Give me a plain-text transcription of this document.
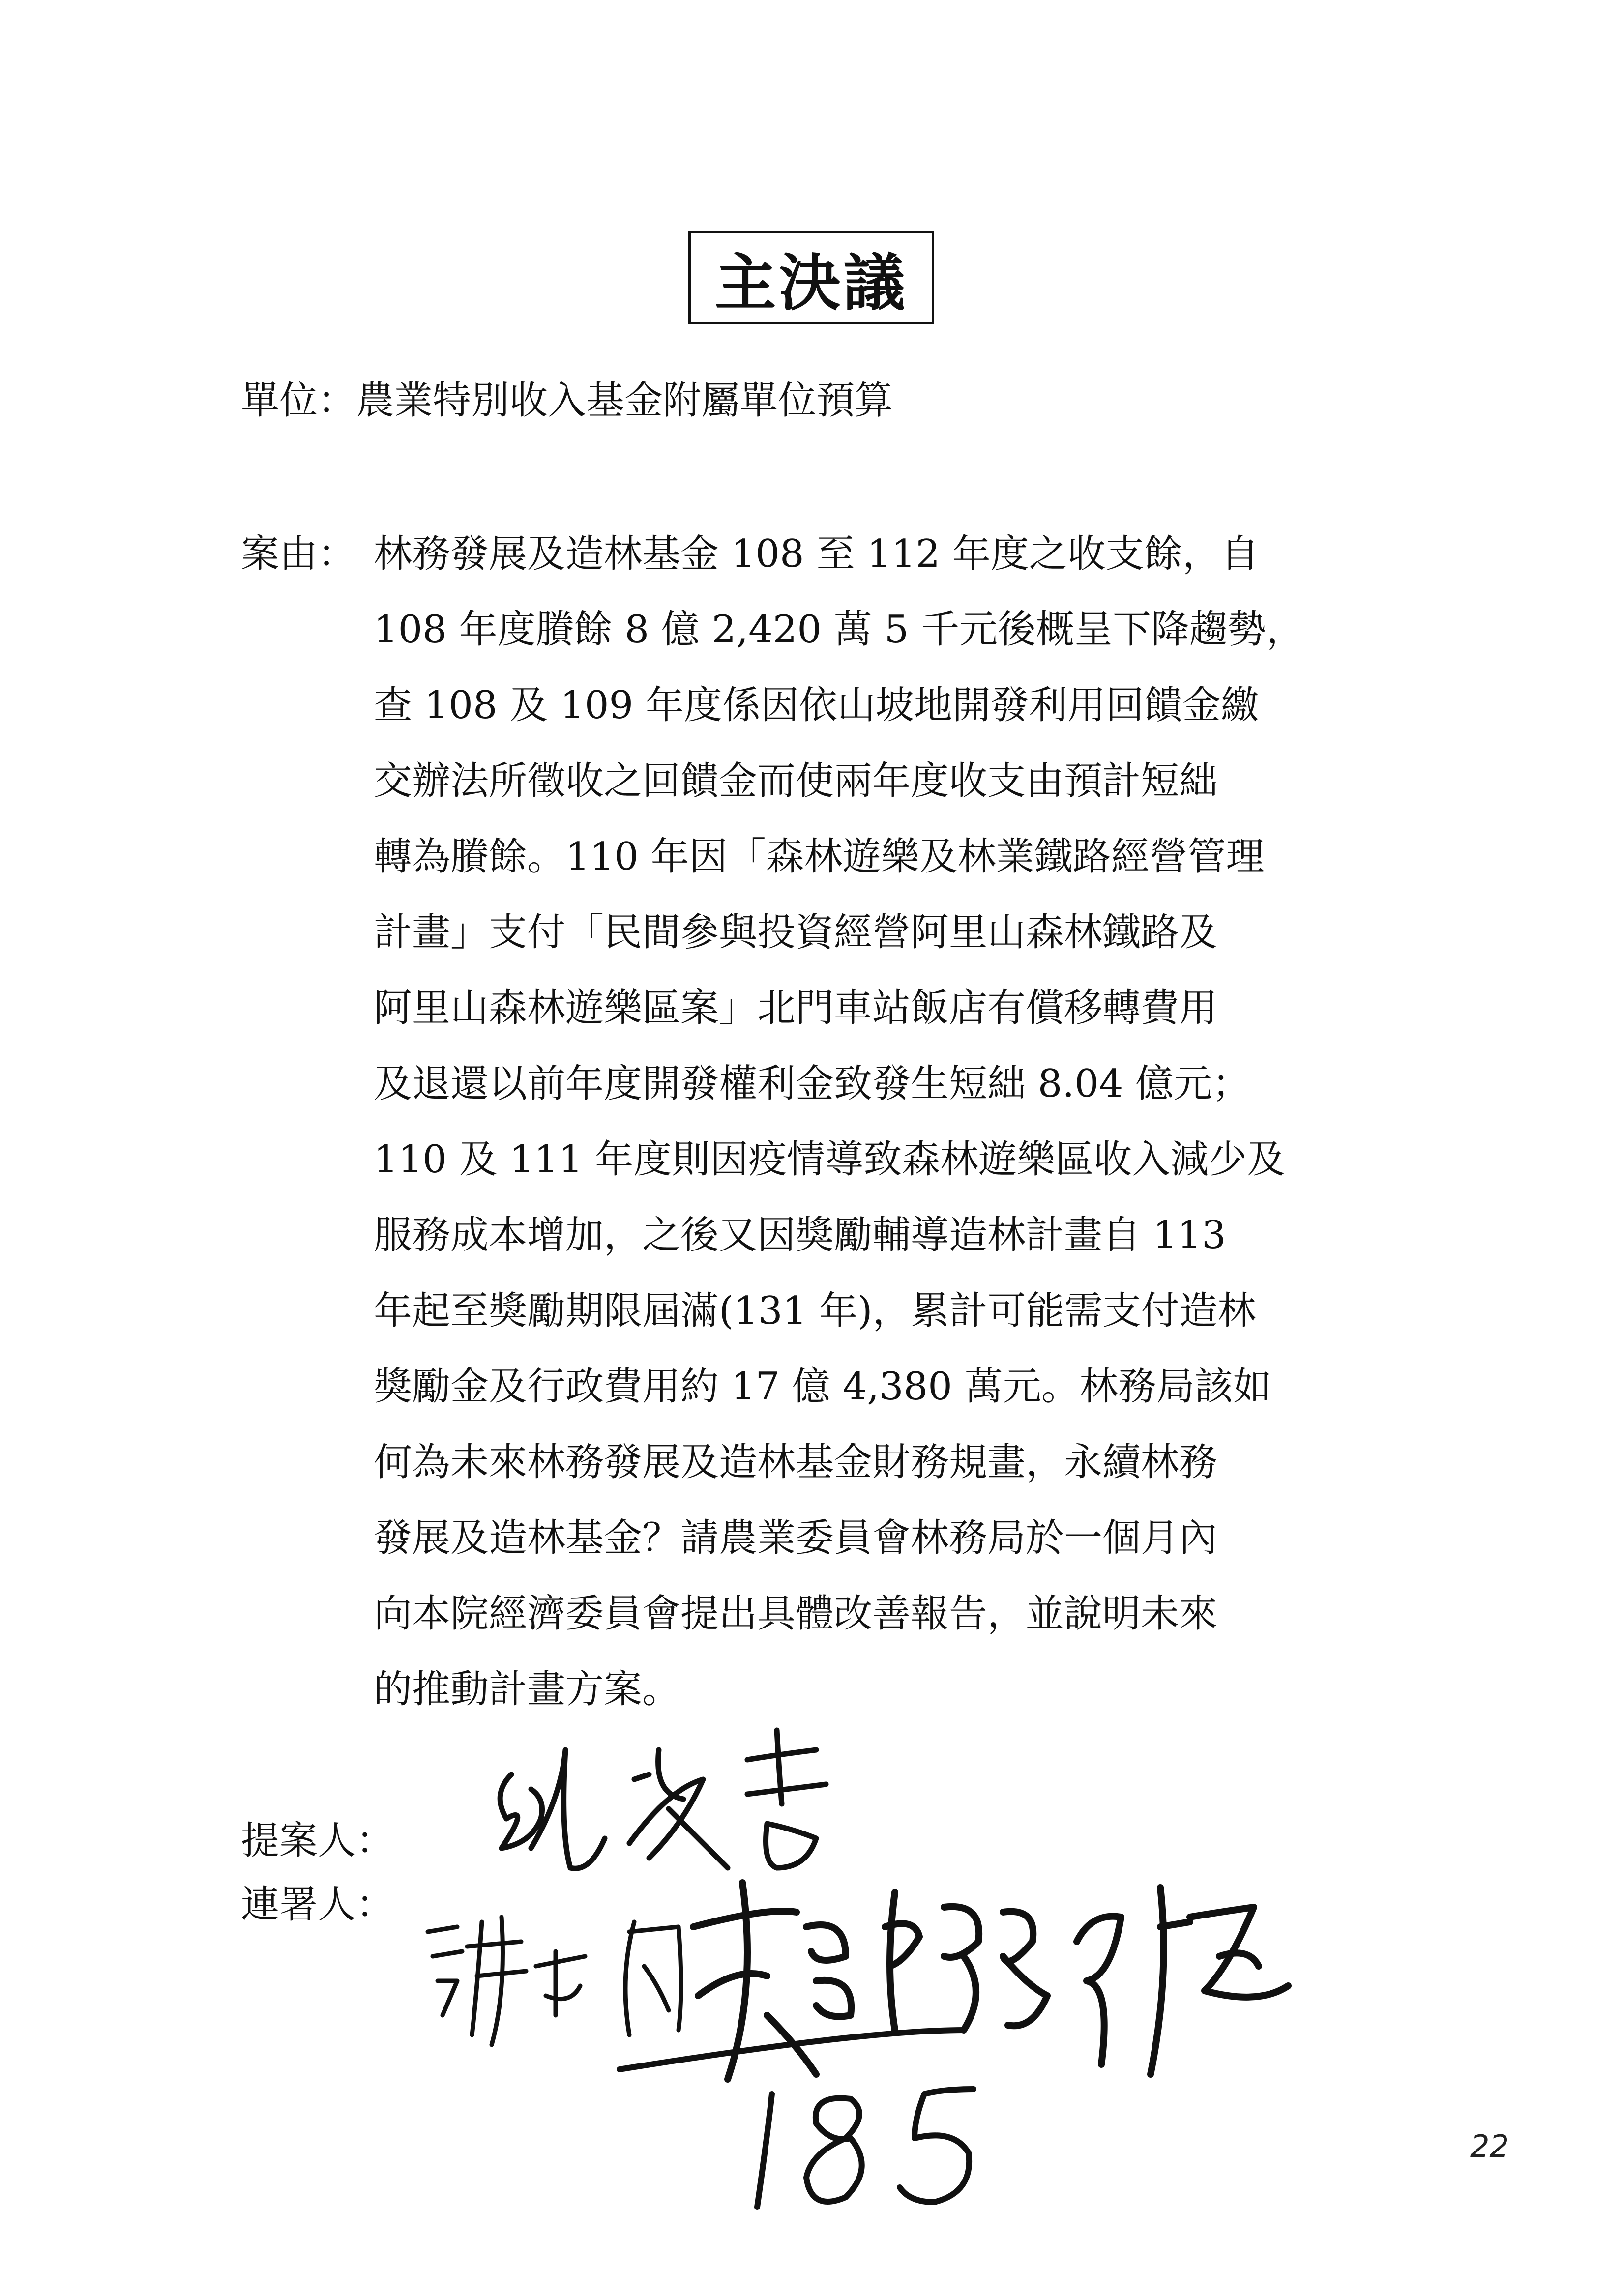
主決議
單位：農業特別收入基金附屬單位預算
案由： 林務發展及造林基金 108 至 112 年度之收支餘，自
108 年度賸餘 8 億 2,420 萬 5 千元後概呈下降趨勢，
查 108 及 109 年度係因依山坡地開發利用回饋金繳
交辦法所徵收之回饋金而使兩年度收支由預計短絀
轉為賸餘。110 年因「森林遊樂及林業鐵路經營管理
計畫」支付「民間參與投資經營阿里山森林鐵路及
阿里山森林遊樂區案」北門車站飯店有償移轉費用
及退還以前年度開發權利金致發生短絀 8.04 億元；
110 及 111 年度則因疫情導致森林遊樂區收入減少及
服務成本增加，之後又因獎勵輔導造林計畫自 113
年起至獎勵期限屆滿(131 年)，累計可能需支付造林
獎勵金及行政費用約 17 億 4,380 萬元。林務局該如
何為未來林務發展及造林基金財務規畫，永續林務
發展及造林基金？請農業委員會林務局於一個月內
向本院經濟委員會提出具體改善報告，並說明未來
的推動計畫方案。
提案人：
連署人：
22
